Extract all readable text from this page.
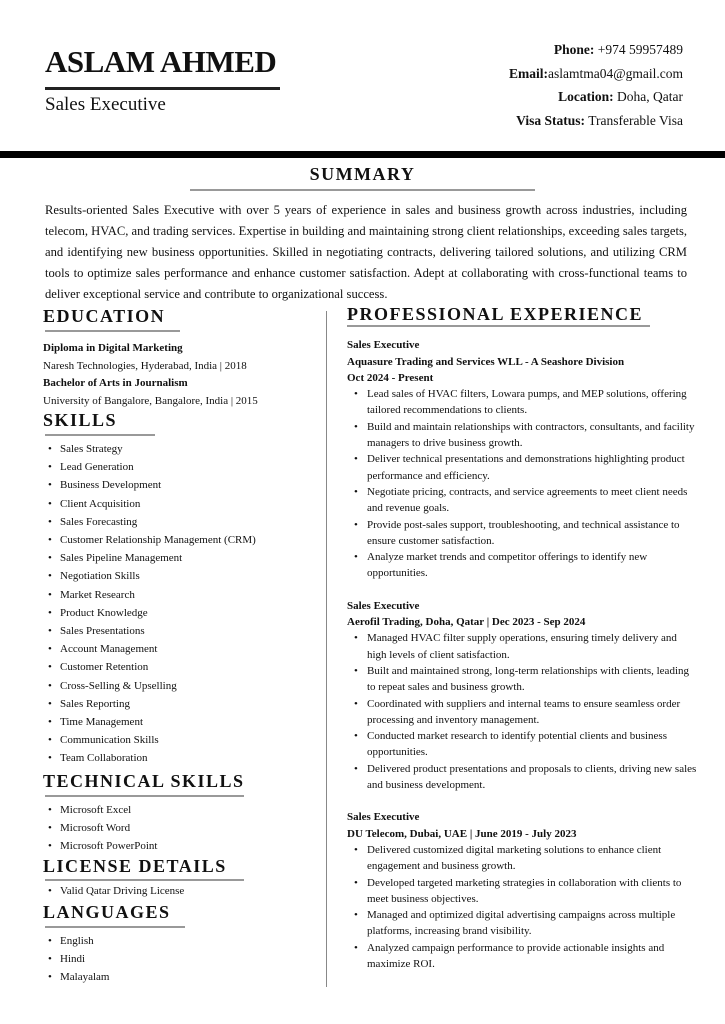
ASLAM AHMED
Sales Executive
Phone: +974 59957489
Email:aslamtma04@gmail.com
Location: Doha, Qatar
Visa Status: Transferable Visa
SUMMARY

Results-oriented Sales Executive with over 5 years of experience in sales and business growth across industries, including telecom, HVAC, and trading services. Expertise in building and maintaining strong client relationships, exceeding sales targets, and identifying new business opportunities. Skilled in negotiating contracts, delivering tailored solutions, and utilizing CRM tools to optimize sales performance and enhance customer satisfaction. Adept at collaborating with cross-functional teams to deliver exceptional service and contribute to organizational success.

EDUCATION
Diploma in Digital Marketing
Naresh Technologies, Hyderabad, India | 2018
Bachelor of Arts in Journalism
University of Bangalore, Bangalore, India | 2015
SKILLS
• Sales Strategy
• Lead Generation
• Business Development
• Client Acquisition
• Sales Forecasting
• Customer Relationship Management (CRM)
• Sales Pipeline Management
• Negotiation Skills
• Market Research
• Product Knowledge
• Sales Presentations
• Account Management
• Customer Retention
• Cross-Selling & Upselling
• Sales Reporting
• Time Management
• Communication Skills
• Team Collaboration
TECHNICAL SKILLS
• Microsoft Excel
• Microsoft Word
• Microsoft PowerPoint
LICENSE DETAILS
• Valid Qatar Driving License
LANGUAGES
• English
• Hindi
• Malayalam
PROFESSIONAL EXPERIENCE
Sales Executive
Aquasure Trading and Services WLL - A Seashore Division
Oct 2024 - Present
• Lead sales of HVAC filters, Lowara pumps, and MEP solutions, offering tailored recommendations to clients.
• Build and maintain relationships with contractors, consultants, and facility managers to drive business growth.
• Deliver technical presentations and demonstrations highlighting product performance and efficiency.
• Negotiate pricing, contracts, and service agreements to meet client needs and revenue goals.
• Provide post-sales support, troubleshooting, and technical assistance to ensure customer satisfaction.
• Analyze market trends and competitor offerings to identify new opportunities.
Sales Executive
Aerofil Trading, Doha, Qatar | Dec 2023 - Sep 2024
• Managed HVAC filter supply operations, ensuring timely delivery and high levels of client satisfaction.
• Built and maintained strong, long-term relationships with clients, leading to repeat sales and business growth.
• Coordinated with suppliers and internal teams to ensure seamless order processing and inventory management.
• Conducted market research to identify potential clients and business opportunities.
• Delivered product presentations and proposals to clients, driving new sales and business development.
Sales Executive
DU Telecom, Dubai, UAE | June 2019 - July 2023
• Delivered customized digital marketing solutions to enhance client engagement and business growth.
• Developed targeted marketing strategies in collaboration with clients to meet business objectives.
• Managed and optimized digital advertising campaigns across multiple platforms, increasing brand visibility.
• Analyzed campaign performance to provide actionable insights and maximize ROI.
